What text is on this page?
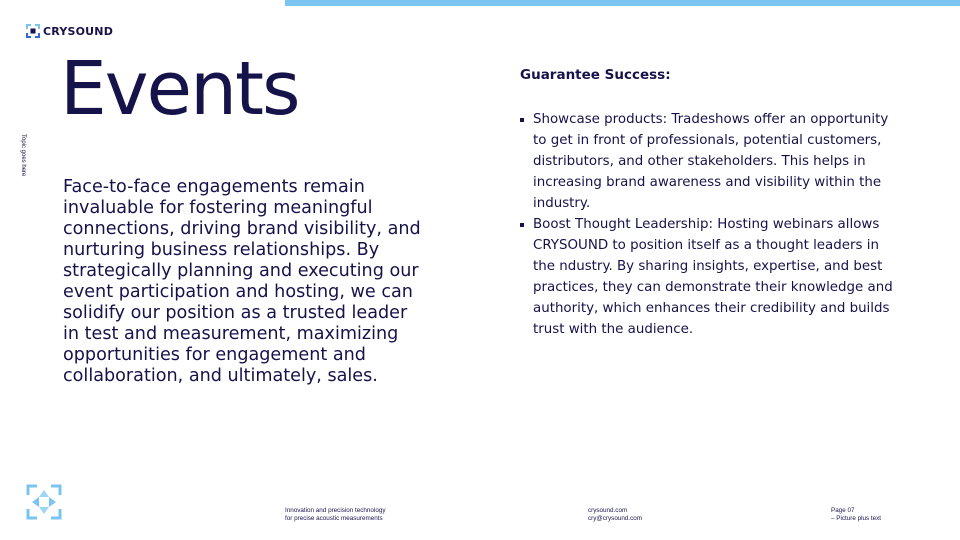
CRYSOUND
Topic goes here
Events

Face-to-face engagements remain invaluable for fostering meaningful connections, driving brand visibility, and nurturing business relationships. By strategically planning and executing our event participation and hosting, we can solidify our position as a trusted leader in test and measurement, maximizing opportunities for engagement and collaboration, and ultimately, sales.

Guarantee Success:
Showcase products: Tradeshows offer an opportunity to get in front of professionals, potential customers, distributors, and other stakeholders. This helps in increasing brand awareness and visibility within the industry.
Boost Thought Leadership: Hosting webinars allows CRYSOUND to position itself as a thought leaders in the ndustry. By sharing insights, expertise, and best practices, they can demonstrate their knowledge and authority, which enhances their credibility and builds trust with the audience.
Innovation and precision technology
for precise acoustic measurements
crysound.com
cry@crysound.com
Page 07
– Picture plus text
